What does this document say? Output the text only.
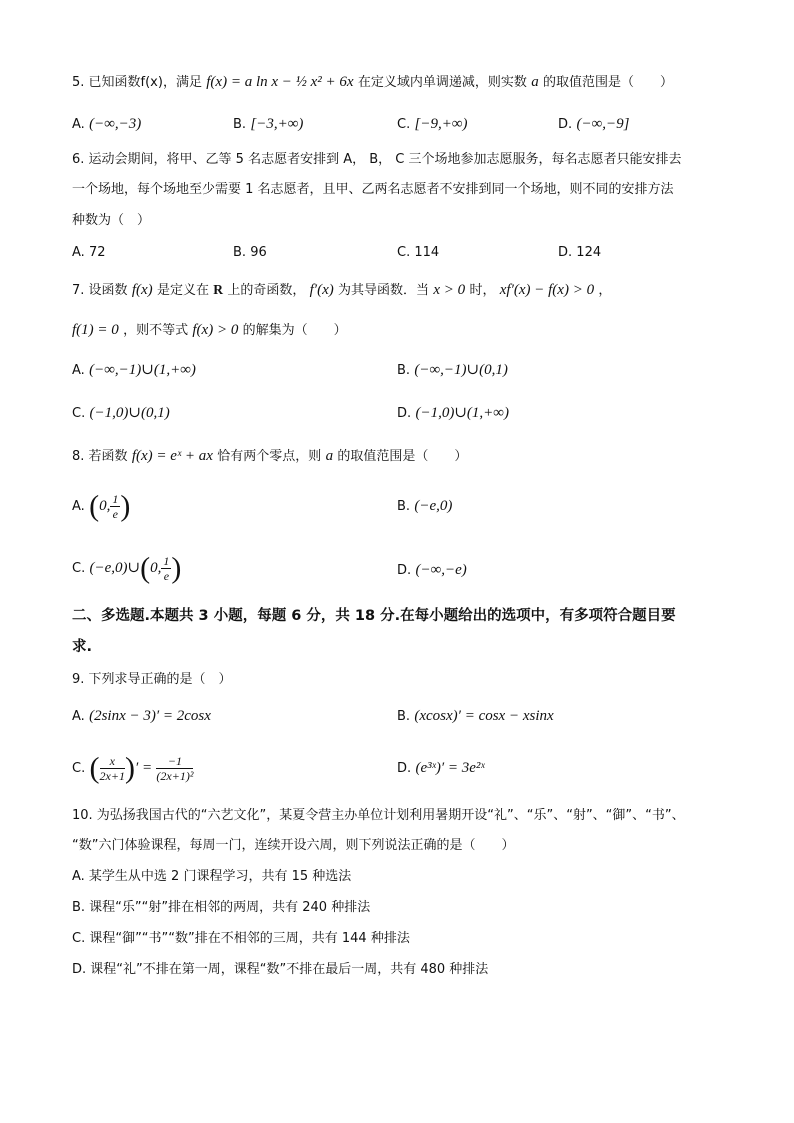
5. 已知函数f(x)，满足 f(x) = a ln x − ½ x² + 6x 在定义域内单调递减，则实数 a 的取值范围是（　　）
A. (−∞,−3)	B. [−3,+∞)	C. [−9,+∞)	D. (−∞,−9]
6. 运动会期间，将甲、乙等 5 名志愿者安排到 A， B， C 三个场地参加志愿服务，每名志愿者只能安排去
一个场地，每个场地至少需要 1 名志愿者，且甲、乙两名志愿者不安排到同一个场地，则不同的安排方法
种数为（　）
A. 72	B. 96	C. 114	D. 124
7. 设函数 f(x) 是定义在 R 上的奇函数， f′(x) 为其导函数．当 x > 0 时， xf′(x) − f(x) > 0 ，
f(1) = 0 ，则不等式 f(x) > 0 的解集为（　　）
A. (−∞,−1)∪(1,+∞)	B. (−∞,−1)∪(0,1)
C. (−1,0)∪(0,1)	D. (−1,0)∪(1,+∞)
8. 若函数 f(x) = eˣ + ax 恰有两个零点，则 a 的取值范围是（　　）
A. (0, $\frac{1}{e}$ )	B. (−e,0)
C. (−e,0)∪(0, $\frac{1}{e}$ )	D. (−∞,−e)
二、多选题.本题共 3 小题，每题 6 分，共 18 分.在每小题给出的选项中，有多项符合题目要
求.
9. 下列求导正确的是（　）
A. (2sinx − 3)′ = 2cosx	B. (xcosx)′ = cosx − xsinx
C. ( $\frac{x}{2x+1}$ )′ = $\frac{-1}{\text{(2x+1)²}}$	D. (e³ˣ)′ = 3e²ˣ
10. 为弘扬我国古代的“六艺文化”，某夏令营主办单位计划利用暑期开设“礼”、“乐”、“射”、“御”、“书”、
“数”六门体验课程，每周一门，连续开设六周，则下列说法正确的是（　　）
A. 某学生从中选 2 门课程学习，共有 15 种选法
B. 课程“乐”“射”排在相邻的两周，共有 240 种排法
C. 课程“御”“书”“数”排在不相邻的三周，共有 144 种排法
D. 课程“礼”不排在第一周，课程“数”不排在最后一周，共有 480 种排法
